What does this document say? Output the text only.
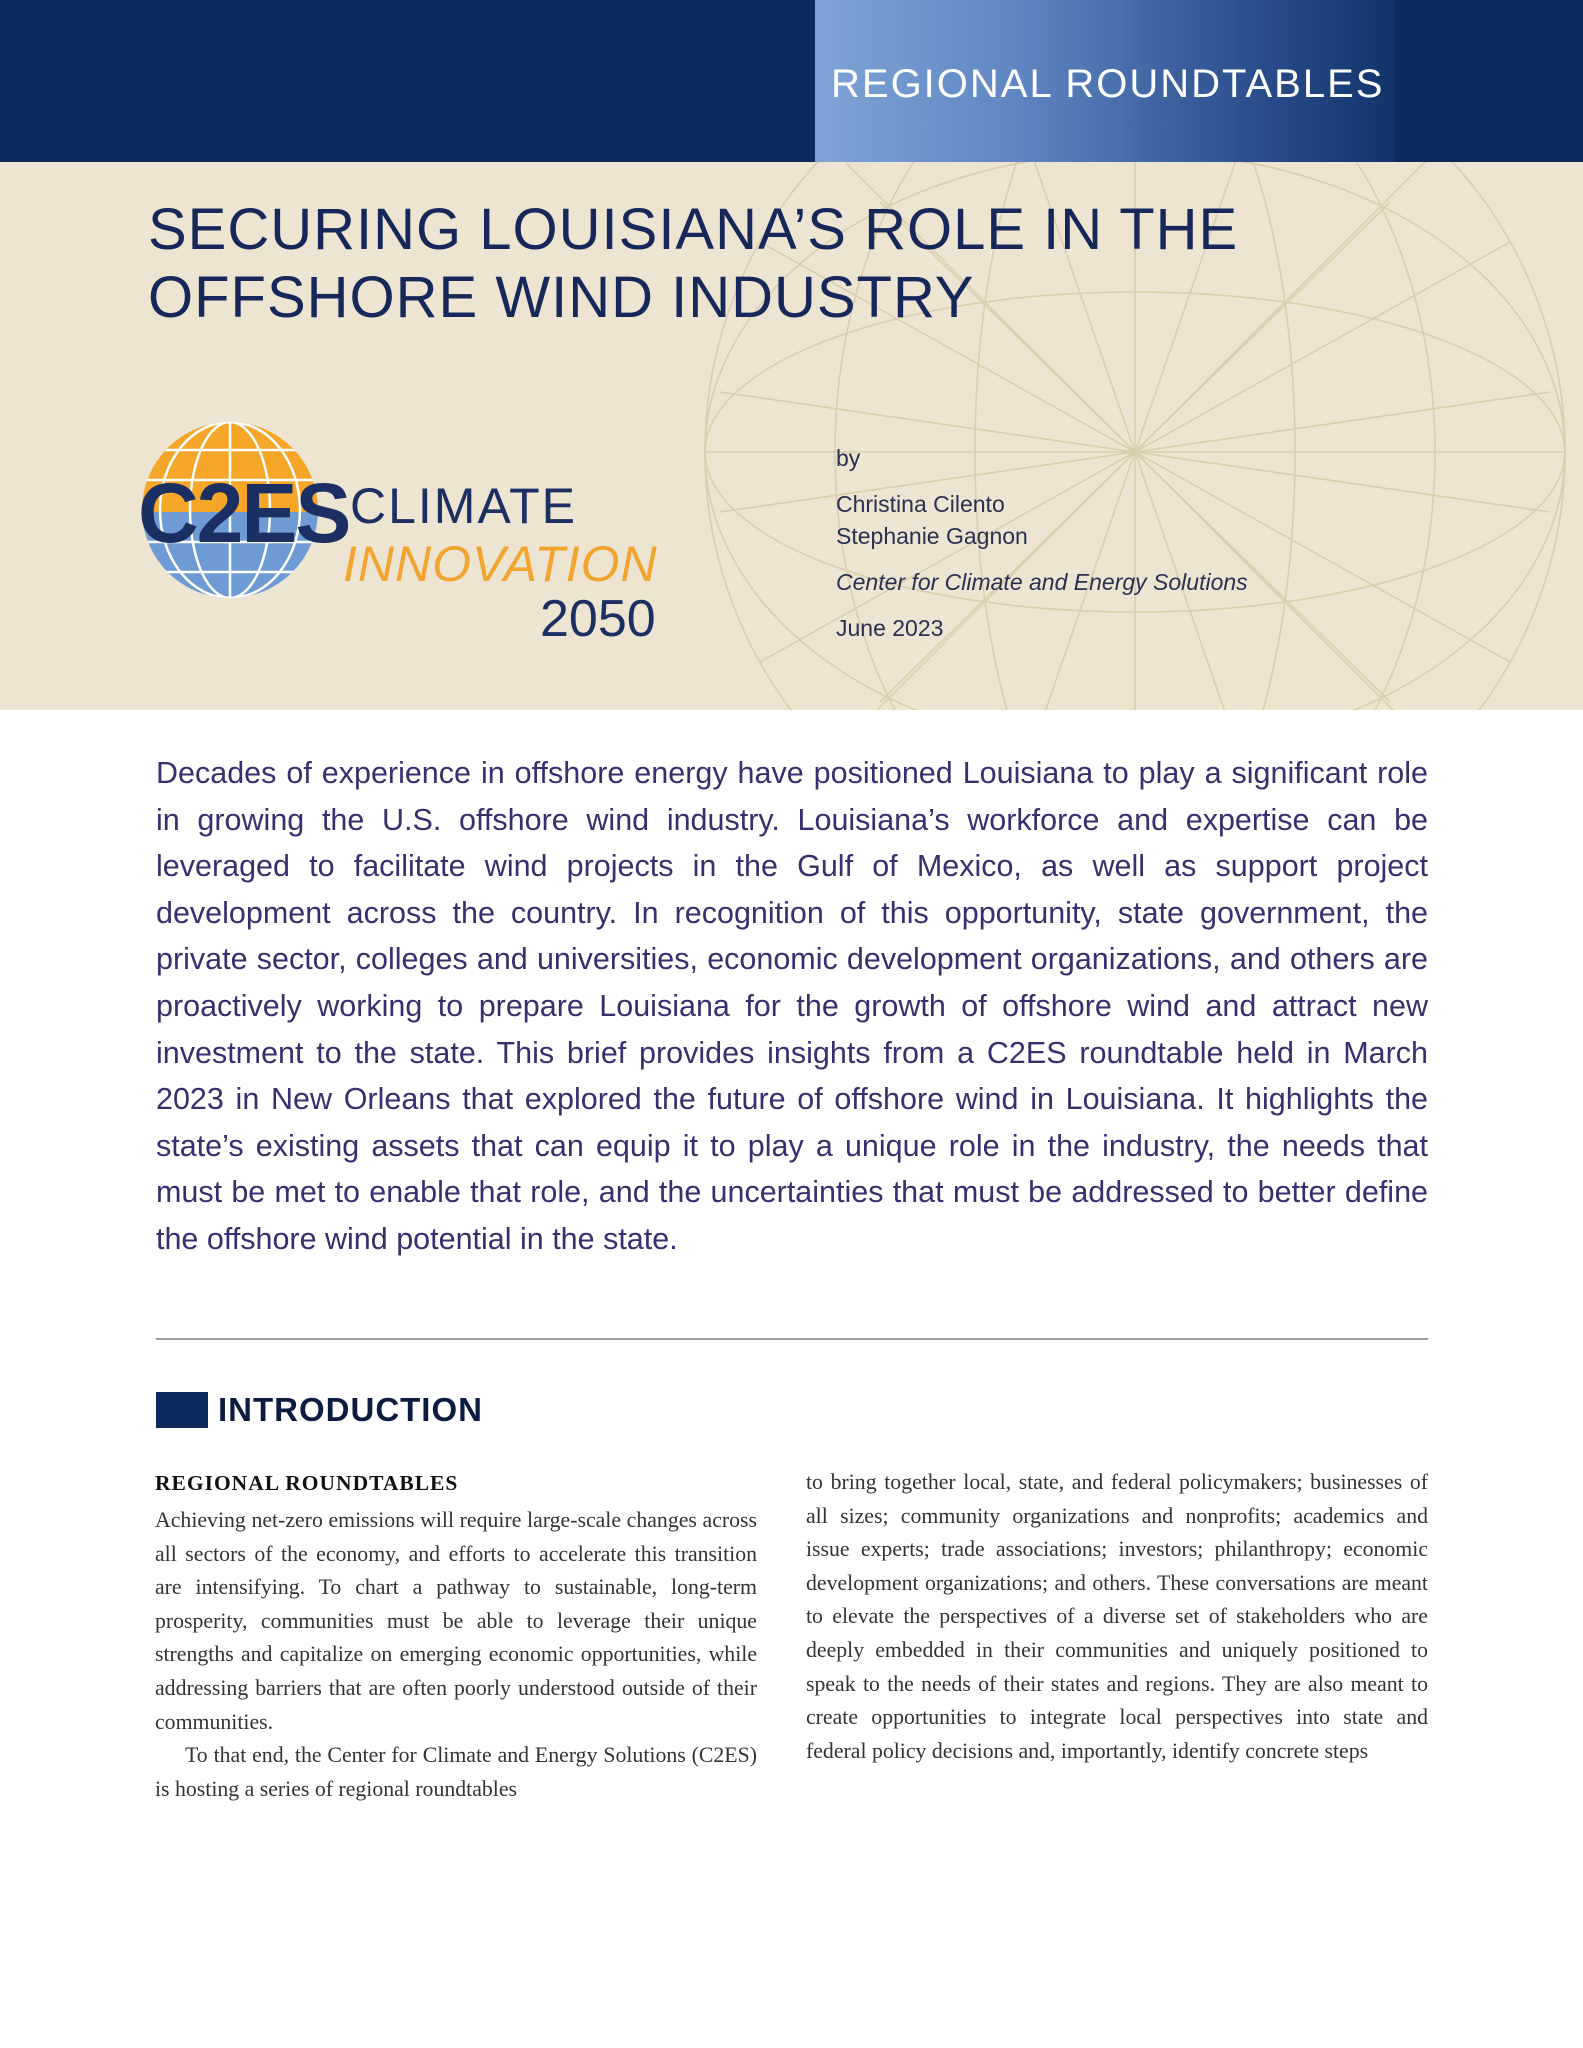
REGIONAL ROUNDTABLES
SECURING LOUISIANA’S ROLE IN THE OFFSHORE WIND INDUSTRY
C2ES CLIMATE
INNOVATION
2050
by
Christina Cilento
Stephanie Gagnon
Center for Climate and Energy Solutions
June 2023

Decades of experience in offshore energy have positioned Louisiana to play a significant role in growing the U.S. offshore wind industry. Louisiana’s workforce and expertise can be leveraged to facilitate wind projects in the Gulf of Mexico, as well as support project development across the country. In recognition of this opportunity, state government, the private sector, colleges and universities, economic development organizations, and others are proactively working to prepare Louisiana for the growth of offshore wind and attract new investment to the state. This brief provides insights from a C2ES roundtable held in March 2023 in New Orleans that explored the future of offshore wind in Louisiana. It highlights the state’s existing assets that can equip it to play a unique role in the industry, the needs that must be met to enable that role, and the uncertainties that must be addressed to better define the offshore wind potential in the state.

INTRODUCTION
REGIONAL ROUNDTABLES

Achieving net-zero emissions will require large-scale changes across all sectors of the economy, and efforts to accelerate this transition are intensifying. To chart a pathway to sustainable, long-term prosperity, communities must be able to leverage their unique strengths and capitalize on emerging economic opportunities, while addressing barriers that are often poorly understood outside of their communities.

To that end, the Center for Climate and Energy Solutions (C2ES) is hosting a series of regional roundtables

to bring together local, state, and federal policymakers; businesses of all sizes; community organizations and nonprofits; academics and issue experts; trade associations; investors; philanthropy; economic development organizations; and others. These conversations are meant to elevate the perspectives of a diverse set of stakeholders who are deeply embedded in their communities and uniquely positioned to speak to the needs of their states and regions. They are also meant to create opportunities to integrate local perspectives into state and federal policy decisions and, importantly, identify concrete steps
